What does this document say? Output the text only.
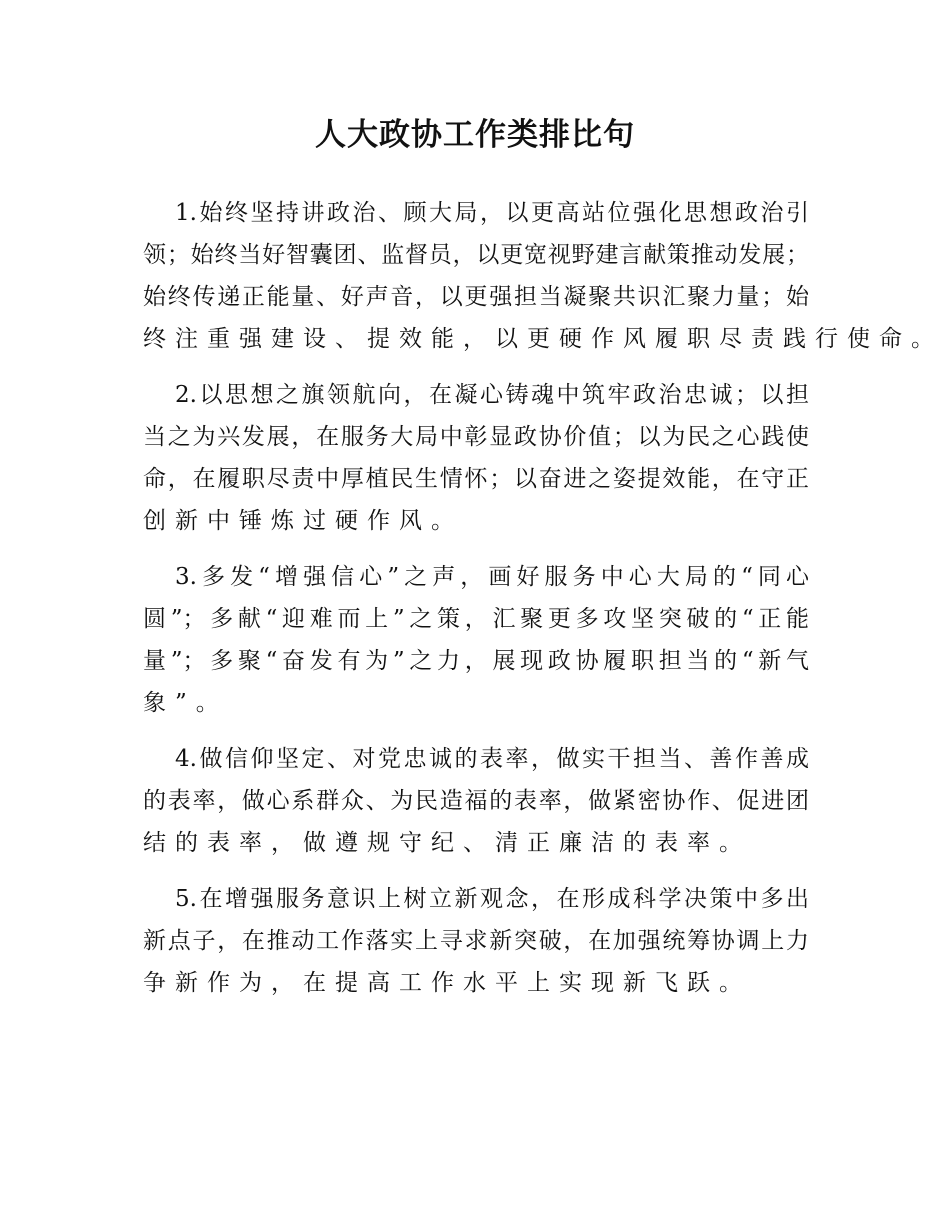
人大政协工作类排比句
1.始终坚持讲政治、顾大局，以更高站位强化思想政治引
领；始终当好智囊团、监督员，以更宽视野建言献策推动发展；
始终传递正能量、好声音，以更强担当凝聚共识汇聚力量；始
终注重强建设、提效能，以更硬作风履职尽责践行使命。
2.以思想之旗领航向，在凝心铸魂中筑牢政治忠诚；以担
当之为兴发展，在服务大局中彰显政协价值；以为民之心践使
命，在履职尽责中厚植民生情怀；以奋进之姿提效能，在守正
创新中锤炼过硬作风。
3.多发“增强信心”之声，画好服务中心大局的“同心
圆”；多献“迎难而上”之策，汇聚更多攻坚突破的“正能
量”；多聚“奋发有为”之力，展现政协履职担当的“新气
象”。
4.做信仰坚定、对党忠诚的表率，做实干担当、善作善成
的表率，做心系群众、为民造福的表率，做紧密协作、促进团
结的表率，做遵规守纪、清正廉洁的表率。
5.在增强服务意识上树立新观念，在形成科学决策中多出
新点子，在推动工作落实上寻求新突破，在加强统筹协调上力
争新作为，在提高工作水平上实现新飞跃。
